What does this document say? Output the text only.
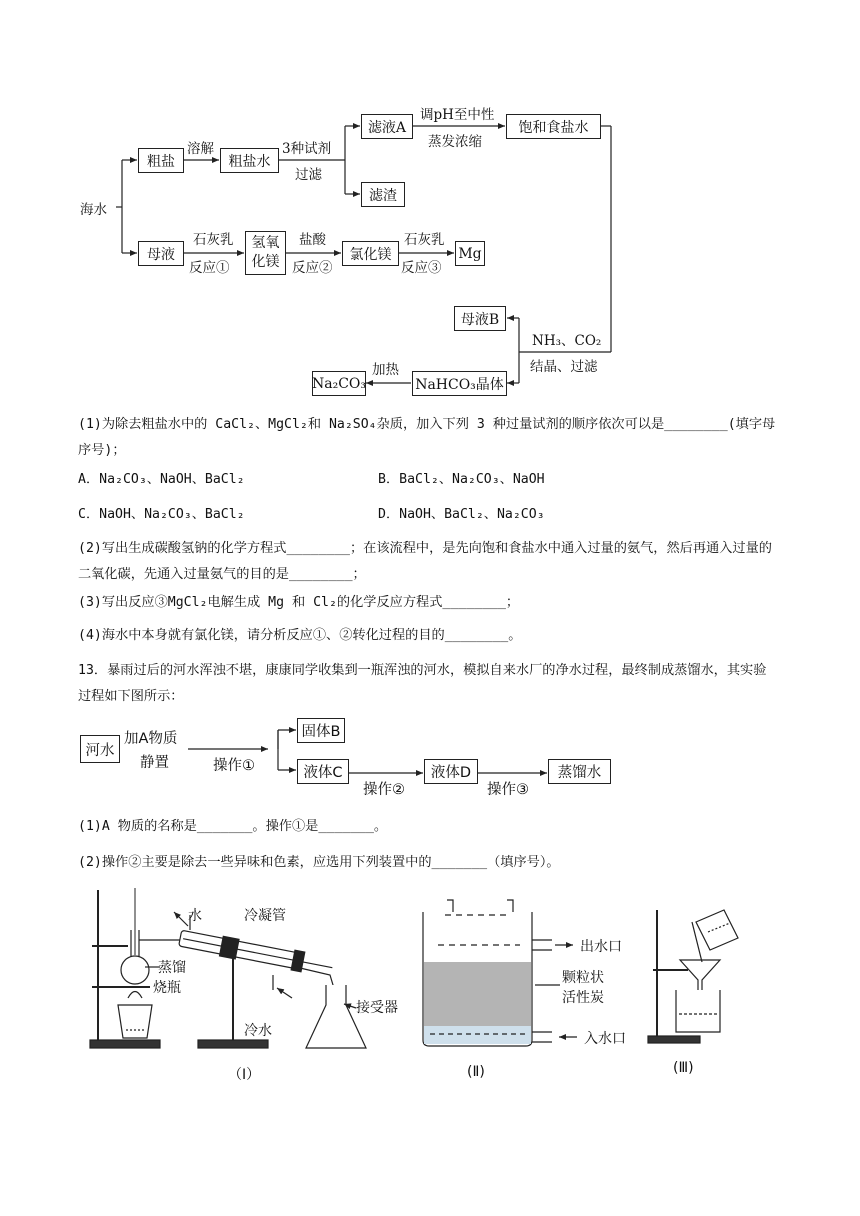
海水
粗盐
溶解
粗盐水
3种试剂
过滤
滤液A
滤渣
调pH至中性
蒸发浓缩
饱和食盐水
母液
石灰乳
反应①
氢氧化镁
盐酸
反应②
氯化镁
石灰乳
反应③
Mg
母液B
NH₃、CO₂
结晶、过滤
NaHCO₃晶体
加热
Na₂CO₃
(1)为除去粗盐水中的 CaCl₂、MgCl₂和 Na₂SO₄杂质，加入下列 3 种过量试剂的顺序依次可以是________(填字母序号)；
A．Na₂CO₃、NaOH、BaCl₂	B．BaCl₂、Na₂CO₃、NaOH
C．NaOH、Na₂CO₃、BaCl₂	D．NaOH、BaCl₂、Na₂CO₃
(2)写出生成碳酸氢钠的化学方程式________；在该流程中，是先向饱和食盐水中通入过量的氨气，然后再通入过量的二氧化碳，先通入过量氨气的目的是________；
(3)写出反应③MgCl₂电解生成 Mg 和 Cl₂的化学反应方程式________；
(4)海水中本身就有氯化镁，请分析反应①、②转化过程的目的________。
13．暴雨过后的河水浑浊不堪，康康同学收集到一瓶浑浊的河水，模拟自来水厂的净水过程，最终制成蒸馏水，其实验过程如下图所示：
河水
加A物质
静置	操作①
固体B
液体C
操作②
液体D
操作③
蒸馏水
(1)A 物质的名称是_______。操作①是_______。
(2)操作②主要是除去一些异味和色素，应选用下列装置中的_______（填序号）。
水	冷凝管
蒸馏
烧瓶
冷水
接受器
（Ⅰ）
出水口
颗粒状
活性炭
入水口
(Ⅱ)	(Ⅲ)
